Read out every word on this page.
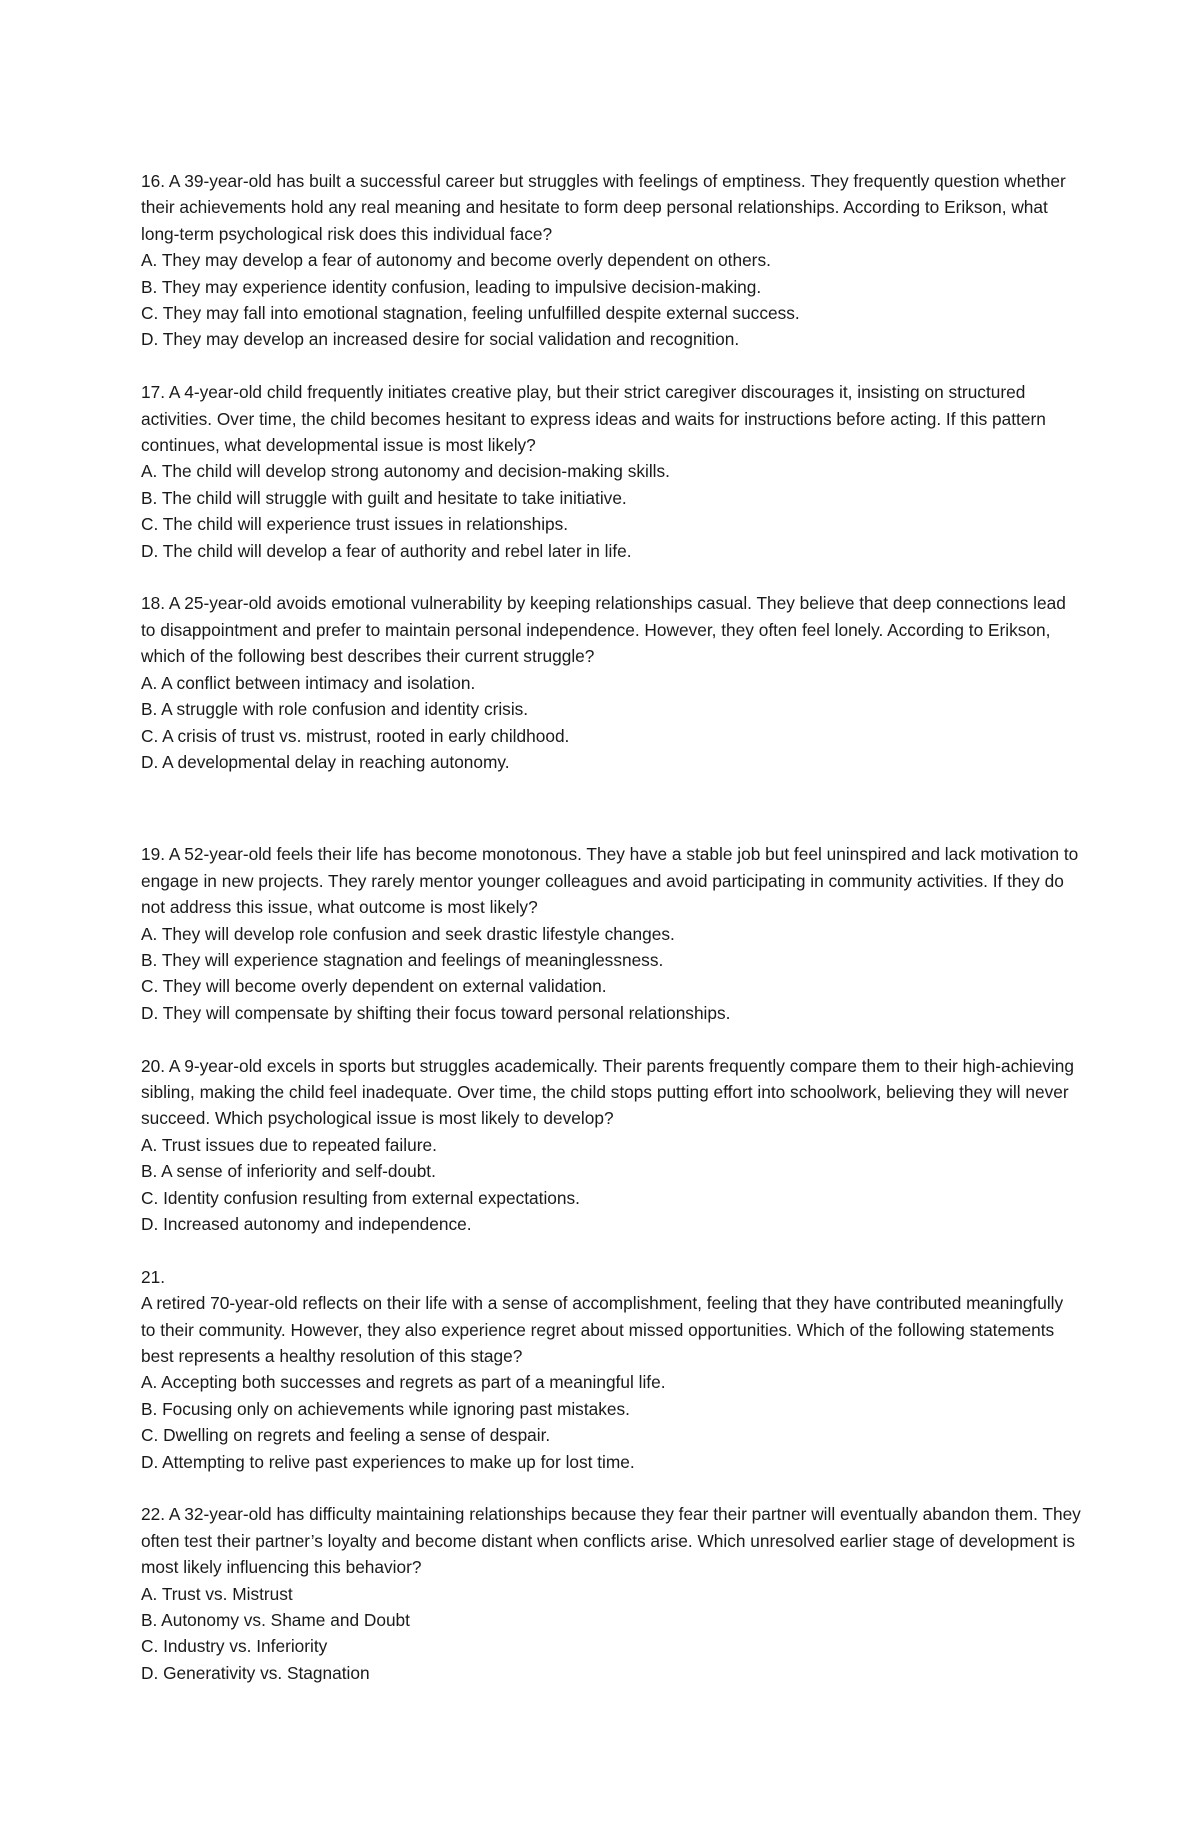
16. A 39-year-old has built a successful career but struggles with feelings of emptiness. They frequently question whether their achievements hold any real meaning and hesitate to form deep personal relationships. According to Erikson, what long-term psychological risk does this individual face?

A. They may develop a fear of autonomy and become overly dependent on others.

B. They may experience identity confusion, leading to impulsive decision-making.

C. They may fall into emotional stagnation, feeling unfulfilled despite external success.

D. They may develop an increased desire for social validation and recognition.

17. A 4-year-old child frequently initiates creative play, but their strict caregiver discourages it, insisting on structured activities. Over time, the child becomes hesitant to express ideas and waits for instructions before acting. If this pattern continues, what developmental issue is most likely?

A. The child will develop strong autonomy and decision-making skills.

B. The child will struggle with guilt and hesitate to take initiative.

C. The child will experience trust issues in relationships.

D. The child will develop a fear of authority and rebel later in life.

18. A 25-year-old avoids emotional vulnerability by keeping relationships casual. They believe that deep connections lead to disappointment and prefer to maintain personal independence. However, they often feel lonely. According to Erikson, which of the following best describes their current struggle?

A. A conflict between intimacy and isolation.

B. A struggle with role confusion and identity crisis.

C. A crisis of trust vs. mistrust, rooted in early childhood.

D. A developmental delay in reaching autonomy.

19. A 52-year-old feels their life has become monotonous. They have a stable job but feel uninspired and lack motivation to engage in new projects. They rarely mentor younger colleagues and avoid participating in community activities. If they do not address this issue, what outcome is most likely?

A. They will develop role confusion and seek drastic lifestyle changes.

B. They will experience stagnation and feelings of meaninglessness.

C. They will become overly dependent on external validation.

D. They will compensate by shifting their focus toward personal relationships.

20. A 9-year-old excels in sports but struggles academically. Their parents frequently compare them to their high-achieving sibling, making the child feel inadequate. Over time, the child stops putting effort into schoolwork, believing they will never succeed. Which psychological issue is most likely to develop?

A. Trust issues due to repeated failure.

B. A sense of inferiority and self-doubt.

C. Identity confusion resulting from external expectations.

D. Increased autonomy and independence.

21.

A retired 70-year-old reflects on their life with a sense of accomplishment, feeling that they have contributed meaningfully to their community. However, they also experience regret about missed opportunities. Which of the following statements best represents a healthy resolution of this stage?

A. Accepting both successes and regrets as part of a meaningful life.

B. Focusing only on achievements while ignoring past mistakes.

C. Dwelling on regrets and feeling a sense of despair.

D. Attempting to relive past experiences to make up for lost time.

22. A 32-year-old has difficulty maintaining relationships because they fear their partner will eventually abandon them. They often test their partner’s loyalty and become distant when conflicts arise. Which unresolved earlier stage of development is most likely influencing this behavior?

A. Trust vs. Mistrust

B. Autonomy vs. Shame and Doubt

C. Industry vs. Inferiority

D. Generativity vs. Stagnation
